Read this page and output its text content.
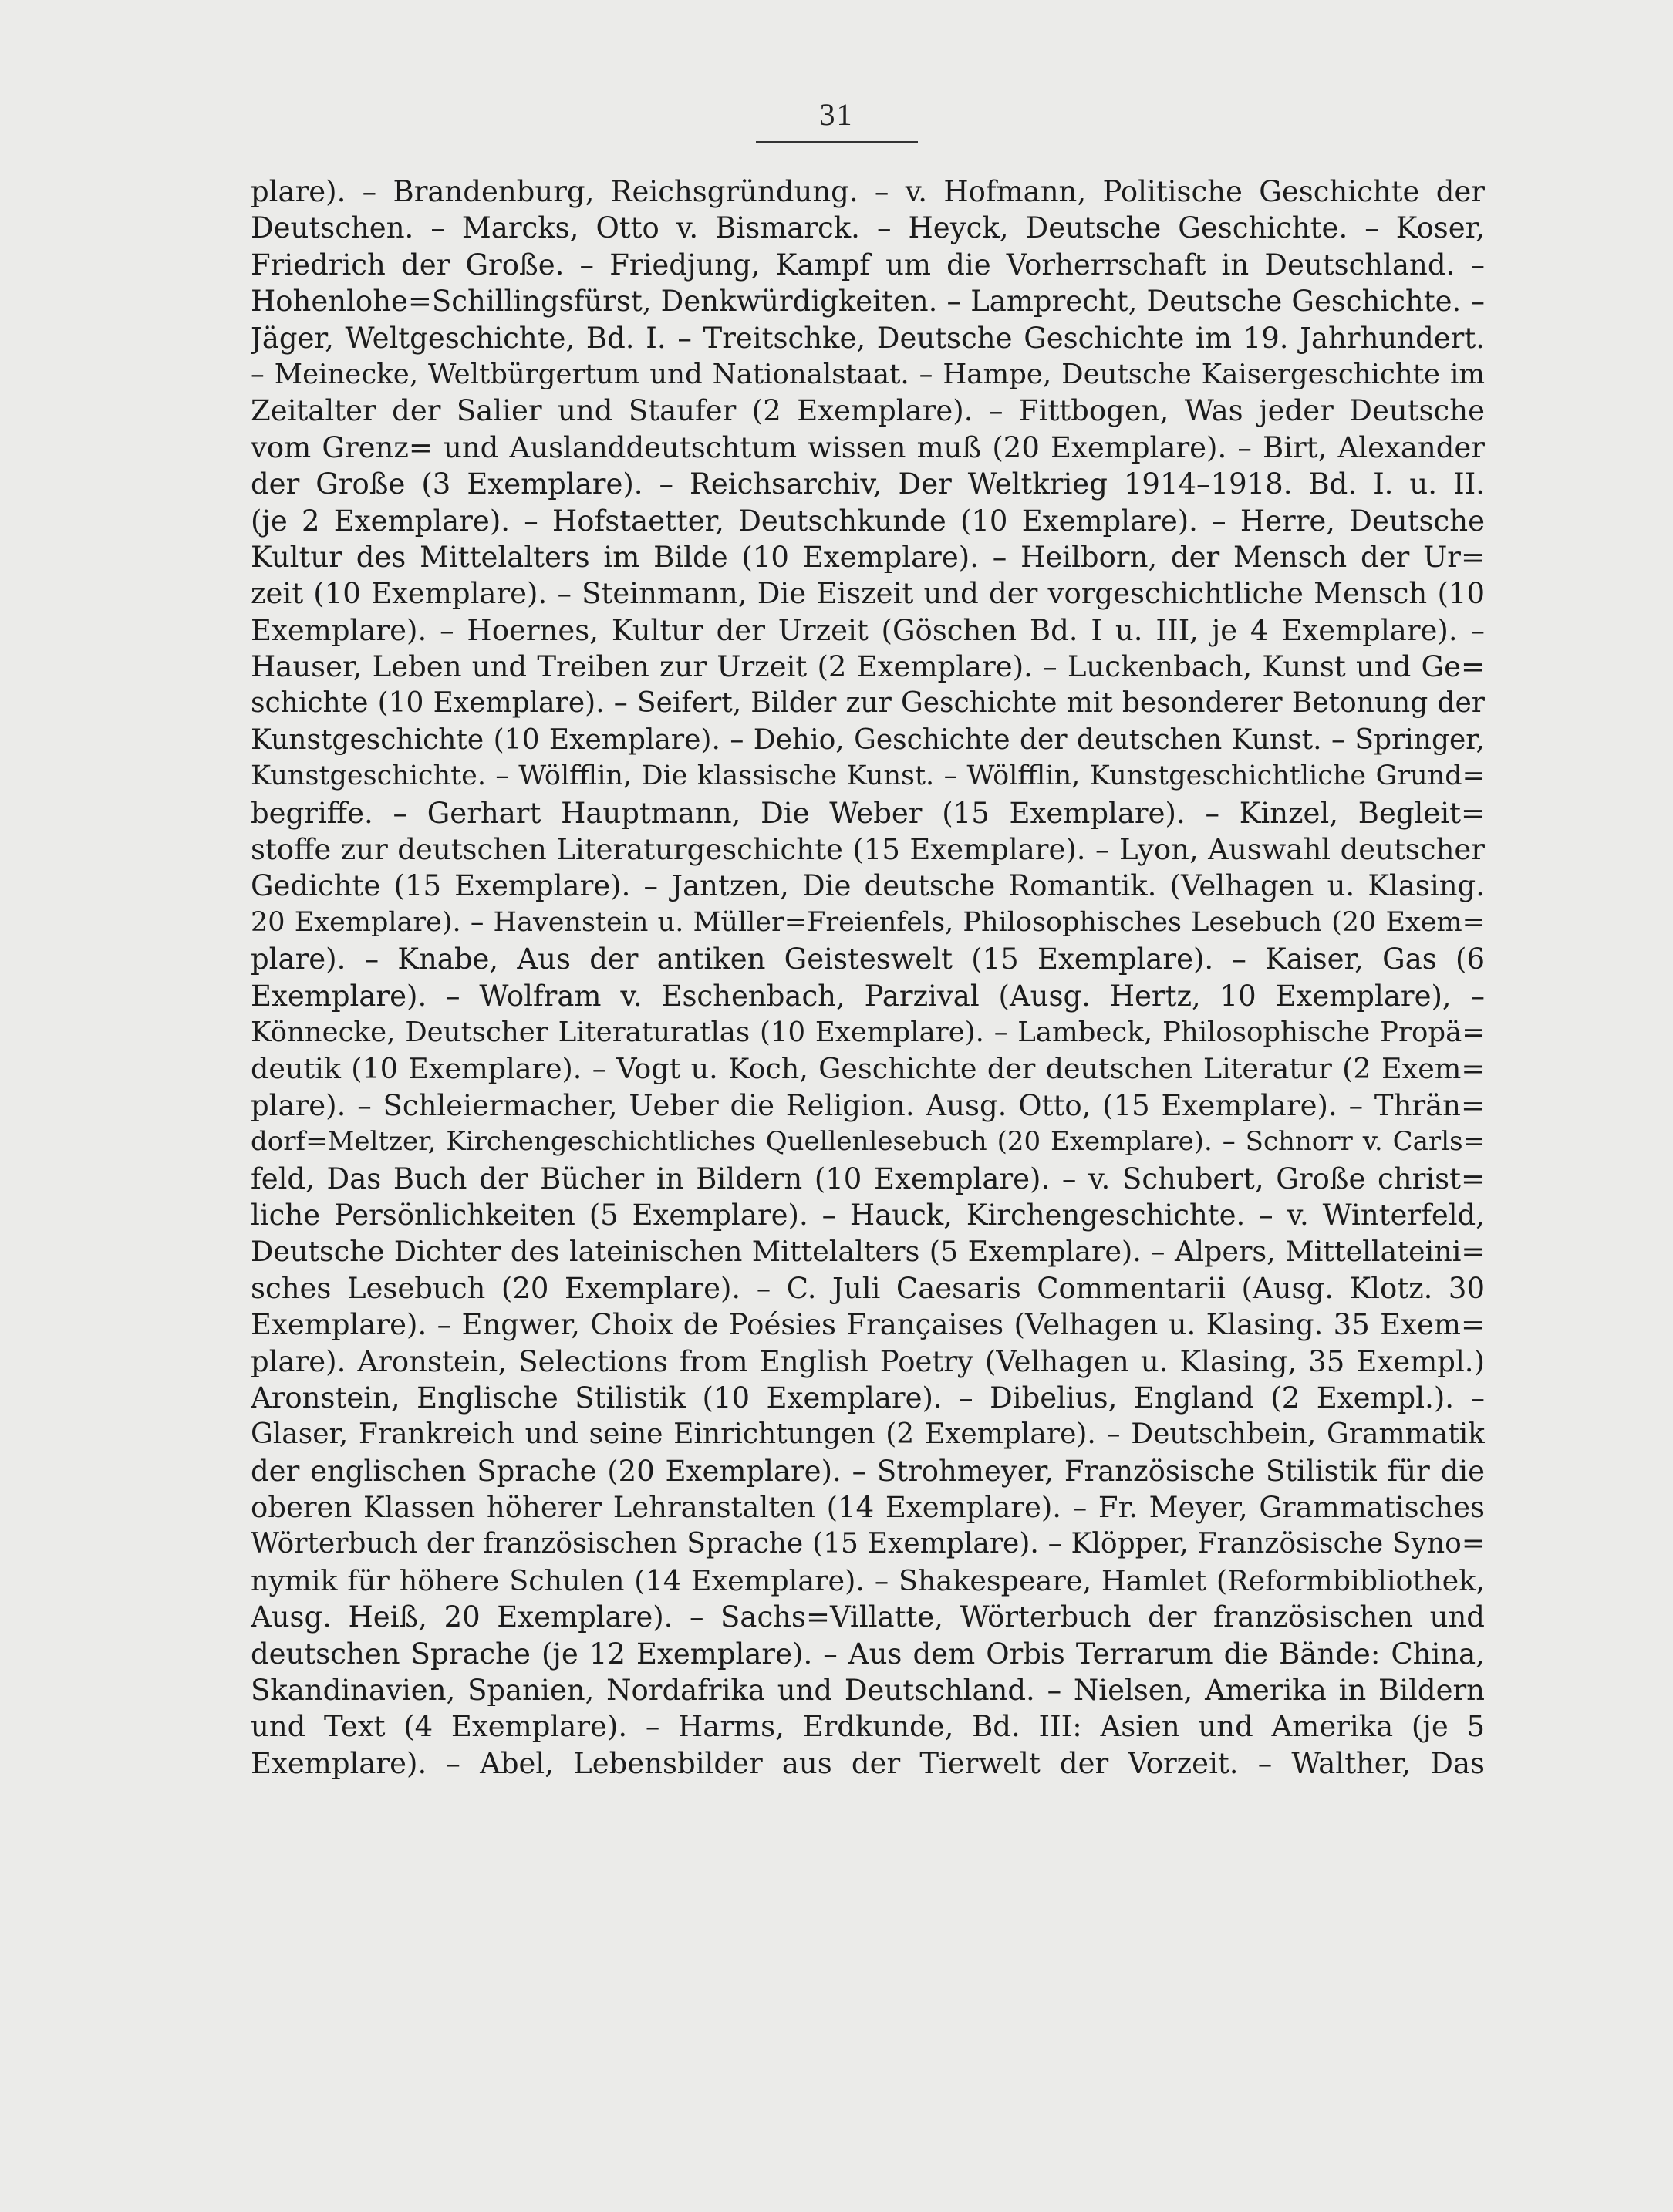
31
plare). – Brandenburg, Reichsgründung. – v. Hofmann, Politische Geschichte der
Deutschen. – Marcks, Otto v. Bismarck. – Heyck, Deutsche Geschichte. – Koser,
Friedrich der Große. – Friedjung, Kampf um die Vorherrschaft in Deutschland. –
Hohenlohe=Schillingsfürst, Denkwürdigkeiten. – Lamprecht, Deutsche Geschichte. –
Jäger, Weltgeschichte, Bd. I. – Treitschke, Deutsche Geschichte im 19. Jahrhundert.
– Meinecke, Weltbürgertum und Nationalstaat. – Hampe, Deutsche Kaisergeschichte im
Zeitalter der Salier und Staufer (2 Exemplare). – Fittbogen, Was jeder Deutsche
vom Grenz= und Auslanddeutschtum wissen muß (20 Exemplare). – Birt, Alexander
der Große (3 Exemplare). – Reichsarchiv, Der Weltkrieg 1914–1918. Bd. I. u. II.
(je 2 Exemplare). – Hofstaetter, Deutschkunde (10 Exemplare). – Herre, Deutsche
Kultur des Mittelalters im Bilde (10 Exemplare). – Heilborn, der Mensch der Ur=
zeit (10 Exemplare). – Steinmann, Die Eiszeit und der vorgeschichtliche Mensch (10
Exemplare). – Hoernes, Kultur der Urzeit (Göschen Bd. I u. III, je 4 Exemplare). –
Hauser, Leben und Treiben zur Urzeit (2 Exemplare). – Luckenbach, Kunst und Ge=
schichte (10 Exemplare). – Seifert, Bilder zur Geschichte mit besonderer Betonung der
Kunstgeschichte (10 Exemplare). – Dehio, Geschichte der deutschen Kunst. – Springer,
Kunstgeschichte. – Wölfflin, Die klassische Kunst. – Wölfflin, Kunstgeschichtliche Grund=
begriffe. – Gerhart Hauptmann, Die Weber (15 Exemplare). – Kinzel, Begleit=
stoffe zur deutschen Literaturgeschichte (15 Exemplare). – Lyon, Auswahl deutscher
Gedichte (15 Exemplare). – Jantzen, Die deutsche Romantik. (Velhagen u. Klasing.
20 Exemplare). – Havenstein u. Müller=Freienfels, Philosophisches Lesebuch (20 Exem=
plare). – Knabe, Aus der antiken Geisteswelt (15 Exemplare). – Kaiser, Gas (6
Exemplare). – Wolfram v. Eschenbach, Parzival (Ausg. Hertz, 10 Exemplare), –
Könnecke, Deutscher Literaturatlas (10 Exemplare). – Lambeck, Philosophische Propä=
deutik (10 Exemplare). – Vogt u. Koch, Geschichte der deutschen Literatur (2 Exem=
plare). – Schleiermacher, Ueber die Religion. Ausg. Otto, (15 Exemplare). – Thrän=
dorf=Meltzer, Kirchengeschichtliches Quellenlesebuch (20 Exemplare). – Schnorr v. Carls=
feld, Das Buch der Bücher in Bildern (10 Exemplare). – v. Schubert, Große christ=
liche Persönlichkeiten (5 Exemplare). – Hauck, Kirchengeschichte. – v. Winterfeld,
Deutsche Dichter des lateinischen Mittelalters (5 Exemplare). – Alpers, Mittellateini=
sches Lesebuch (20 Exemplare). – C. Juli Caesaris Commentarii (Ausg. Klotz. 30
Exemplare). – Engwer, Choix de Poésies Françaises (Velhagen u. Klasing. 35 Exem=
plare). Aronstein, Selections from English Poetry (Velhagen u. Klasing, 35 Exempl.)
Aronstein, Englische Stilistik (10 Exemplare). – Dibelius, England (2 Exempl.). –
Glaser, Frankreich und seine Einrichtungen (2 Exemplare). – Deutschbein, Grammatik
der englischen Sprache (20 Exemplare). – Strohmeyer, Französische Stilistik für die
oberen Klassen höherer Lehranstalten (14 Exemplare). – Fr. Meyer, Grammatisches
Wörterbuch der französischen Sprache (15 Exemplare). – Klöpper, Französische Syno=
nymik für höhere Schulen (14 Exemplare). – Shakespeare, Hamlet (Reformbibliothek,
Ausg. Heiß, 20 Exemplare). – Sachs=Villatte, Wörterbuch der französischen und
deutschen Sprache (je 12 Exemplare). – Aus dem Orbis Terrarum die Bände: China,
Skandinavien, Spanien, Nordafrika und Deutschland. – Nielsen, Amerika in Bildern
und Text (4 Exemplare). – Harms, Erdkunde, Bd. III: Asien und Amerika (je 5
Exemplare). – Abel, Lebensbilder aus der Tierwelt der Vorzeit. – Walther, Das
